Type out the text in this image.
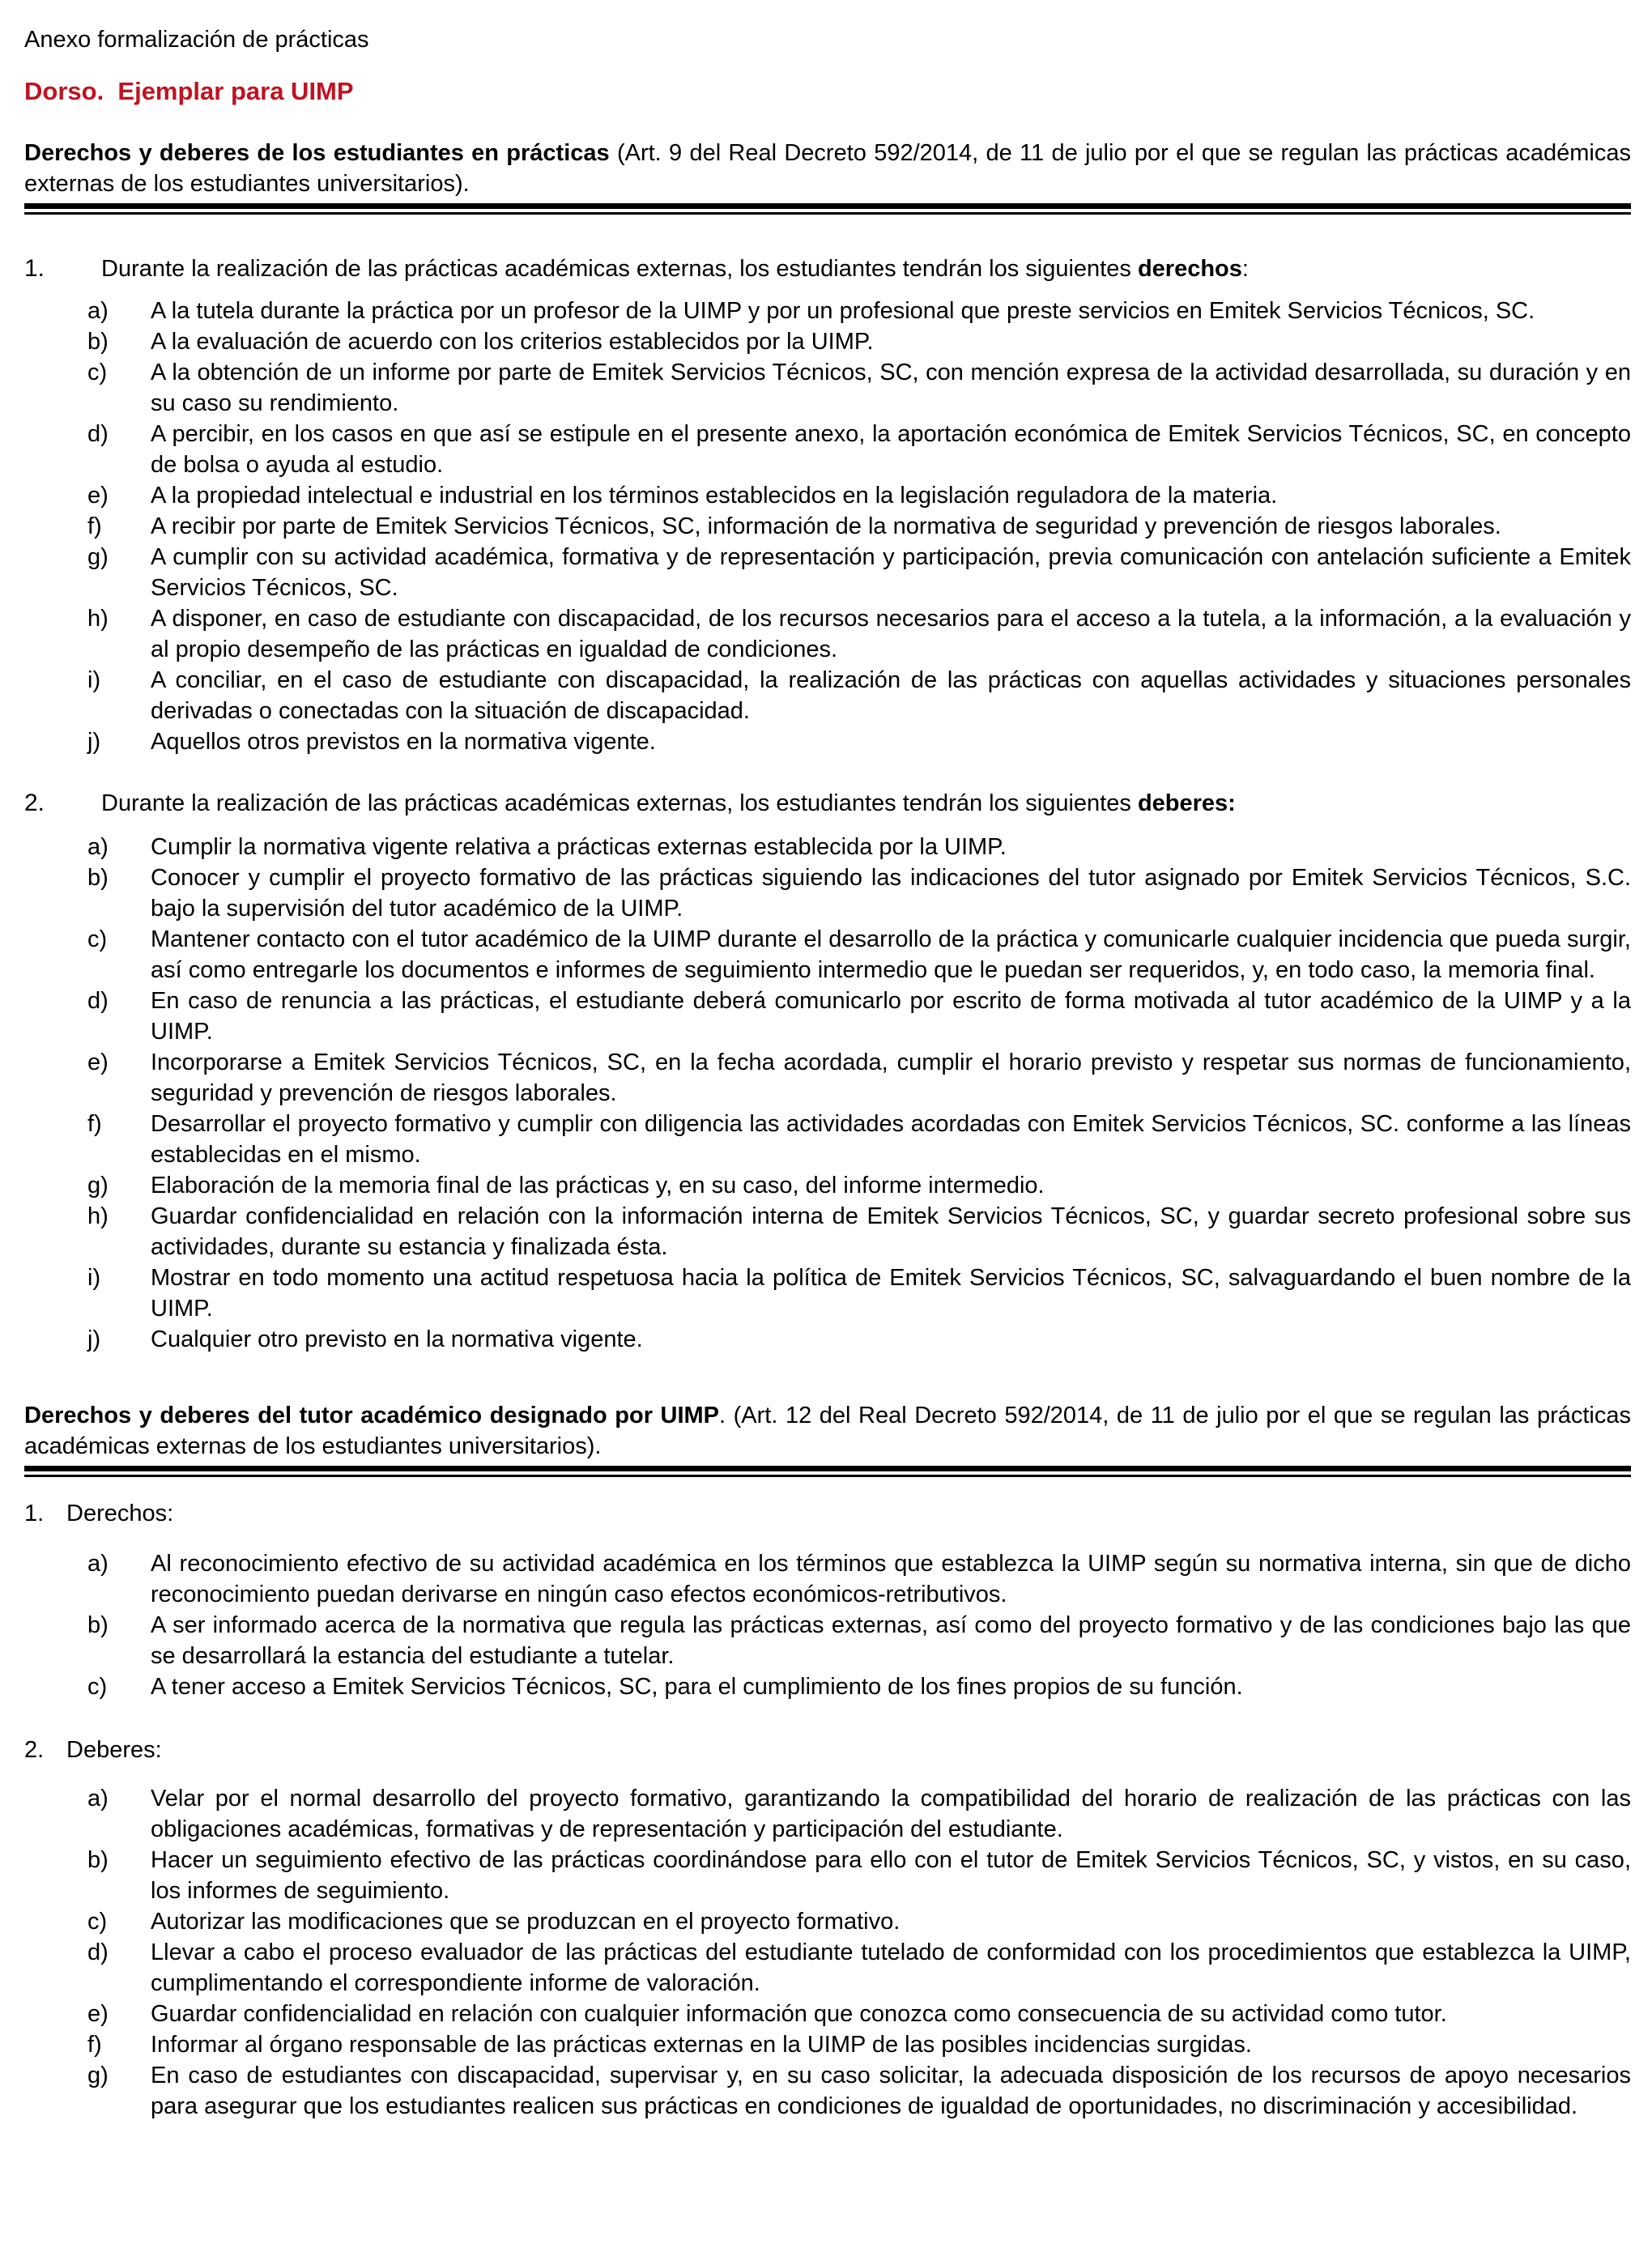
Anexo formalización de prácticas
Dorso.  Ejemplar para UIMP
Derechos y deberes de los estudiantes en prácticas (Art. 9 del Real Decreto 592/2014, de 11 de julio por el que se regulan las prácticas académicas externas de los estudiantes universitarios).
1.	Durante la realización de las prácticas académicas externas, los estudiantes tendrán los siguientes derechos:
a)	A la tutela durante la práctica por un profesor de la UIMP y por un profesional que preste servicios en Emitek Servicios Técnicos, SC.
b)	A la evaluación de acuerdo con los criterios establecidos por la UIMP.
c)	A la obtención de un informe por parte de Emitek Servicios Técnicos, SC, con mención expresa de la actividad desarrollada, su duración y en su caso su rendimiento.
d)	A percibir, en los casos en que así se estipule en el presente anexo, la aportación económica de Emitek Servicios Técnicos, SC, en concepto de bolsa o ayuda al estudio.
e)	A la propiedad intelectual e industrial en los términos establecidos en la legislación reguladora de la materia.
f)	A recibir por parte de Emitek Servicios Técnicos, SC, información de la normativa de seguridad y prevención de riesgos laborales.
g)	A cumplir con su actividad académica, formativa y de representación y participación, previa comunicación con antelación suficiente a Emitek Servicios Técnicos, SC.
h)	A disponer, en caso de estudiante con discapacidad, de los recursos necesarios para el acceso a la tutela, a la información, a la evaluación y al propio desempeño de las prácticas en igualdad de condiciones.
i)	A conciliar, en el caso de estudiante con discapacidad, la realización de las prácticas con aquellas actividades y situaciones personales derivadas o conectadas con la situación de discapacidad.
j)	Aquellos otros previstos en la normativa vigente.
2.	Durante la realización de las prácticas académicas externas, los estudiantes tendrán los siguientes deberes:
a)	Cumplir la normativa vigente relativa a prácticas externas establecida por la UIMP.
b)	Conocer y cumplir el proyecto formativo de las prácticas siguiendo las indicaciones del tutor asignado por Emitek Servicios Técnicos, S.C. bajo la supervisión del tutor académico de la UIMP.
c)	Mantener contacto con el tutor académico de la UIMP durante el desarrollo de la práctica y comunicarle cualquier incidencia que pueda surgir, así como entregarle los documentos e informes de seguimiento intermedio que le puedan ser requeridos, y, en todo caso, la memoria final.
d)	En caso de renuncia a las prácticas, el estudiante deberá comunicarlo por escrito de forma motivada al tutor académico de la UIMP y a la UIMP.
e)	Incorporarse a Emitek Servicios Técnicos, SC, en la fecha acordada, cumplir el horario previsto y respetar sus normas de funcionamiento, seguridad y prevención de riesgos laborales.
f)	Desarrollar el proyecto formativo y cumplir con diligencia las actividades acordadas con Emitek Servicios Técnicos, SC. conforme a las líneas establecidas en el mismo.
g)	Elaboración de la memoria final de las prácticas y, en su caso, del informe intermedio.
h)	Guardar confidencialidad en relación con la información interna de Emitek Servicios Técnicos, SC, y guardar secreto profesional sobre sus actividades, durante su estancia y finalizada ésta.
i)	Mostrar en todo momento una actitud respetuosa hacia la política de Emitek Servicios Técnicos, SC, salvaguardando el buen nombre de la UIMP.
j)	Cualquier otro previsto en la normativa vigente.
Derechos y deberes del tutor académico designado por UIMP. (Art. 12 del Real Decreto 592/2014, de 11 de julio por el que se regulan las prácticas académicas externas de los estudiantes universitarios).
1. Derechos:
a)	Al reconocimiento efectivo de su actividad académica en los términos que establezca la UIMP según su normativa interna, sin que de dicho reconocimiento puedan derivarse en ningún caso efectos económicos-retributivos.
b)	A ser informado acerca de la normativa que regula las prácticas externas, así como del proyecto formativo y de las condiciones bajo las que se desarrollará la estancia del estudiante a tutelar.
c)	A tener acceso a Emitek Servicios Técnicos, SC, para el cumplimiento de los fines propios de su función.
2. Deberes:
a)	Velar por el normal desarrollo del proyecto formativo, garantizando la compatibilidad del horario de realización de las prácticas con las obligaciones académicas, formativas y de representación y participación del estudiante.
b)	Hacer un seguimiento efectivo de las prácticas coordinándose para ello con el tutor de Emitek Servicios Técnicos, SC, y vistos, en su caso, los informes de seguimiento.
c)	Autorizar las modificaciones que se produzcan en el proyecto formativo.
d)	Llevar a cabo el proceso evaluador de las prácticas del estudiante tutelado de conformidad con los procedimientos que establezca la UIMP, cumplimentando el correspondiente informe de valoración.
e)	Guardar confidencialidad en relación con cualquier información que conozca como consecuencia de su actividad como tutor.
f)	Informar al órgano responsable de las prácticas externas en la UIMP de las posibles incidencias surgidas.
g)	En caso de estudiantes con discapacidad, supervisar y, en su caso solicitar, la adecuada disposición de los recursos de apoyo necesarios para asegurar que los estudiantes realicen sus prácticas en condiciones de igualdad de oportunidades, no discriminación y accesibilidad.
